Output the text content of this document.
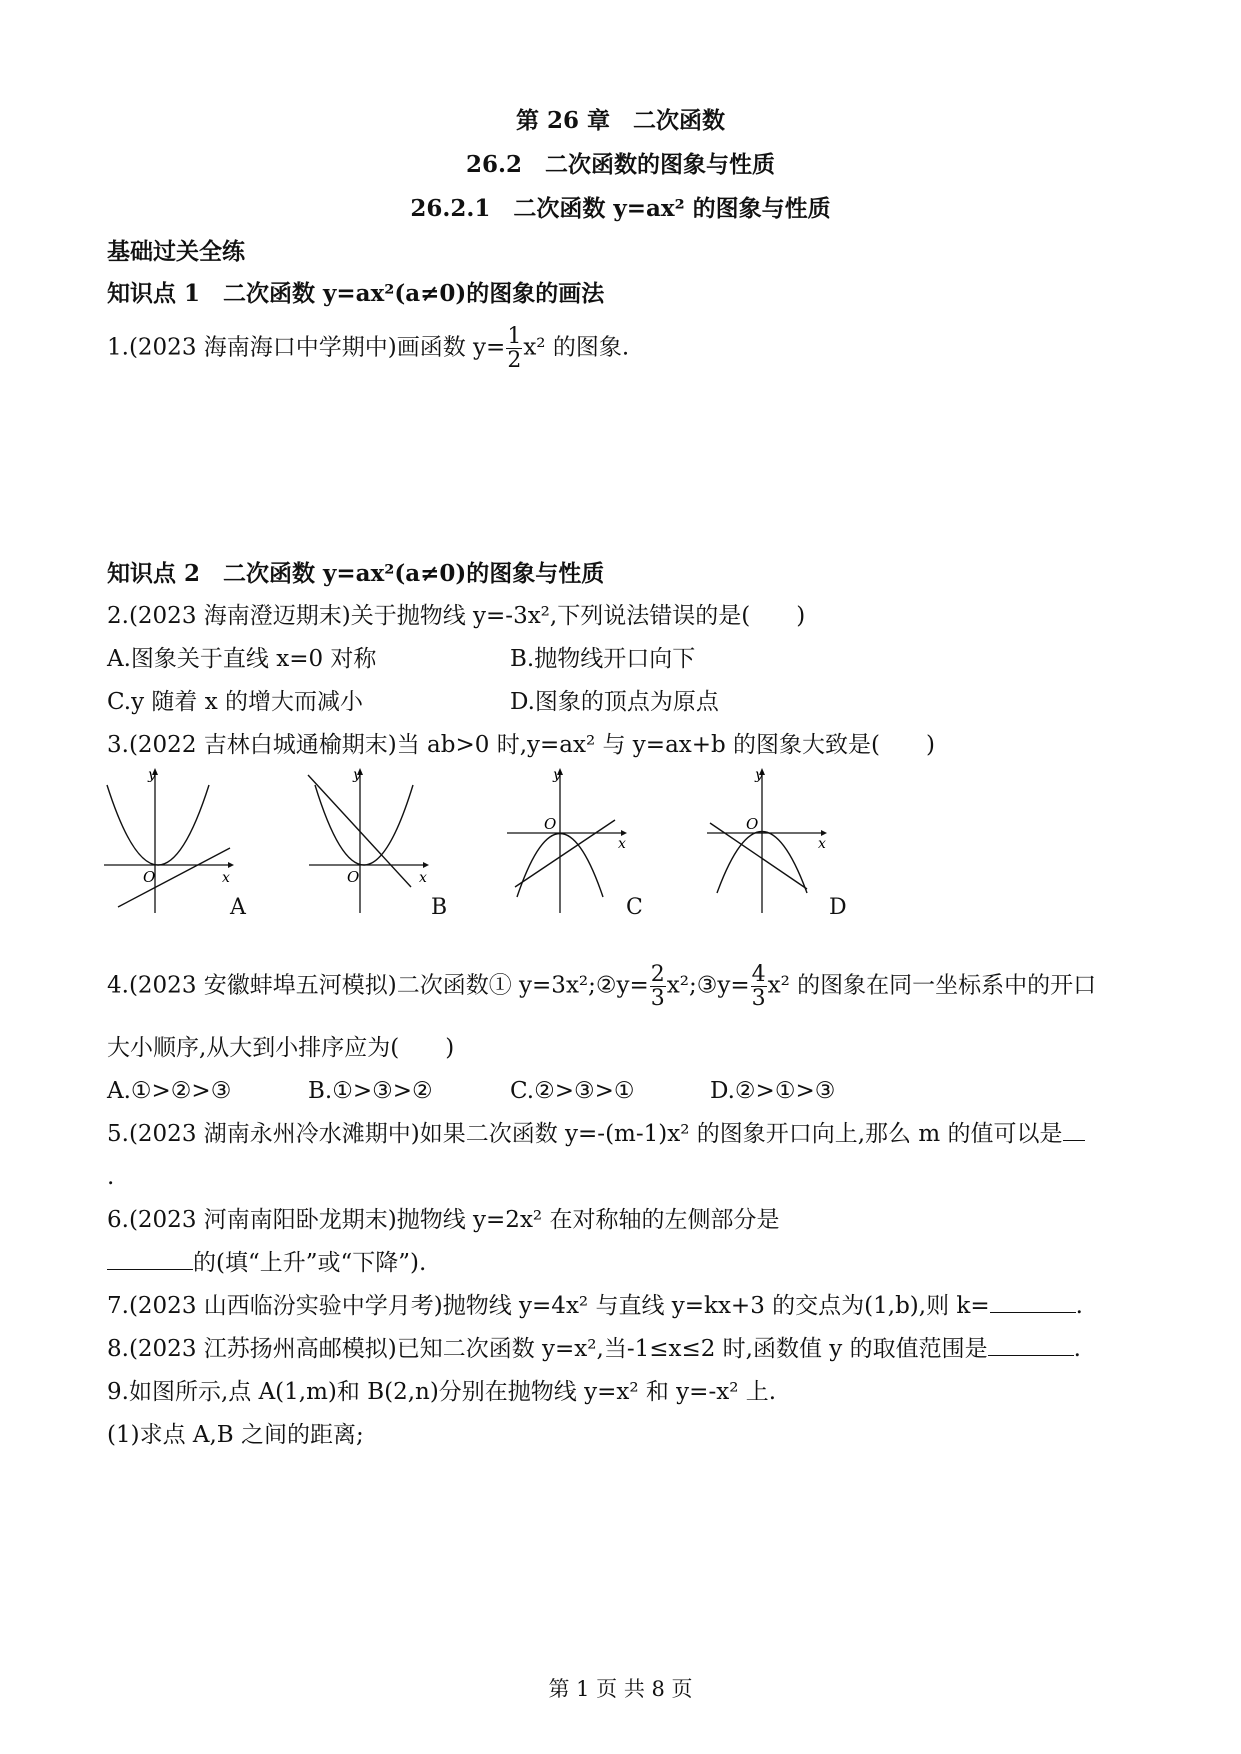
第 26 章　二次函数
26.2　二次函数的图象与性质
26.2.1　二次函数 y=ax² 的图象与性质
基础过关全练
知识点 1　二次函数 y=ax²(a≠0)的图象的画法
1.(2023 海南海口中学期中)画函数 $y= \frac{1}{2} x^2$ 的图象.
知识点 2　二次函数 y=ax²(a≠0)的图象与性质
2.(2023 海南澄迈期末)关于抛物线 y=-3x²,下列说法错误的是(　　)
A.图象关于直线 x=0 对称	B.抛物线开口向下
C.y 随着 x 的增大而减小	D.图象的顶点为原点
3.(2022 吉林白城通榆期末)当 ab>0 时,y=ax² 与 y=ax+b 的图象大致是(　　)
y
x
O
A
y
x
O
B
y
x
O
C
y
x
O
D
4.(2023 安徽蚌埠五河模拟)二次函数① y=3x²;②y= $\frac{2}{3}$ x²;③y= $\frac{4}{3} x^2$ 的图象在同一坐标系中的开口
大小顺序,从大到小排序应为(　　)
A.①>②>③	B.①>③>②	C.②>③>①	D.②>①>③
5.(2023 湖南永州冷水滩期中)如果二次函数 y=-(m-1)x² 的图象开口向上,那么 m 的值可以是
.
6.(2023 河南南阳卧龙期末)抛物线 y=2x² 在对称轴的左侧部分是
的(填“上升”或“下降”).
7.(2023 山西临汾实验中学月考)抛物线 y=4x² 与直线 y=kx+3 的交点为(1,b),则 k=	.
8.(2023 江苏扬州高邮模拟)已知二次函数 y=x²,当-1≤x≤2 时,函数值 y 的取值范围是	.
9.如图所示,点 A(1,m)和 B(2,n)分别在抛物线 y=x² 和 y=-x² 上.
(1)求点 A,B 之间的距离;
第 1 页 共 8 页
